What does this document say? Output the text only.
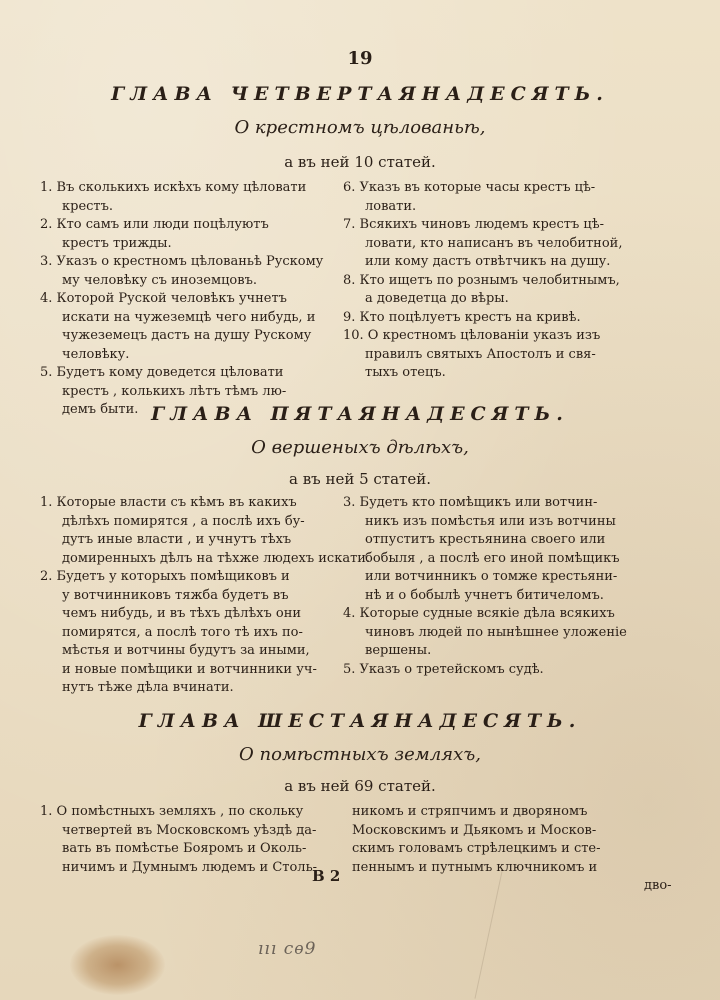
19
ГЛАВА ЧЕТВЕРТАЯНАДЕСЯТЬ.
О крестномъ цѣлованьѣ,
а въ ней 10 статей.
1. Въ сколькихъ искѣхъ кому цѣловати
крестъ.
2. Кто самъ или люди поцѣлуютъ
крестъ трижды.
3. Указъ о крестномъ цѣлованьѣ Рускому
му человѣку съ иноземцовъ.
4. Которой Руской человѣкъ учнетъ
искати на чужеземцѣ чего нибудь, и
чужеземецъ дастъ на душу Рускому
человѣку.
5. Будетъ кому доведется цѣловати
крестъ , колькихъ лѣтъ тѣмъ лю-
демъ быти.
6. Указъ въ которые часы крестъ цѣ-
ловати.
7. Всякихъ чиновъ людемъ крестъ цѣ-
ловати, кто написанъ въ челобитной,
или кому дастъ отвѣтчикъ на душу.
8. Кто ищетъ по рознымъ челобитнымъ,
а доведетца до вѣры.
9. Кто поцѣлуетъ крестъ на кривѣ.
10. О крестномъ цѣлованіи указъ изъ
правилъ святыхъ Апостолъ и свя-
тыхъ отецъ.
ГЛАВА ПЯТАЯНАДЕСЯТЬ.
О вершеныхъ дѣлѣхъ,
а въ ней 5 статей.
1. Которые власти съ кѣмъ въ какихъ
дѣлѣхъ помирятся , а послѣ ихъ бу-
дутъ иные власти , и учнутъ тѣхъ
домиренныхъ дѣлъ на тѣхже людехъ искати.
2. Будетъ у которыхъ помѣщиковъ и
у вотчинниковъ тяжба будетъ въ
чемъ нибудь, и въ тѣхъ дѣлѣхъ они
помирятся, а послѣ того тѣ ихъ по-
мѣстья и вотчины будутъ за иными,
и новые помѣщики и вотчинники уч-
нутъ тѣже дѣла вчинати.
3. Будетъ кто помѣщикъ или вотчин-
никъ изъ помѣстья или изъ вотчины
отпуститъ крестьянина своего или
бобыля , а послѣ его иной помѣщикъ
или вотчинникъ о томже крестьяни-
нѣ и о бобылѣ учнетъ битичеломъ.
4. Которые судные всякіе дѣла всякихъ
чиновъ людей по нынѣшнее уложеніе
вершены.
5. Указъ о третейскомъ судѣ.
ГЛАВА ШЕСТАЯНАДЕСЯТЬ.
О помѣстныхъ земляхъ,
а въ ней 69 статей.
1. О помѣстныхъ земляхъ , по скольку
четвертей въ Московскомъ уѣздѣ да-
вать въ помѣстье Бояромъ и Околь-
ничимъ и Думнымъ людемъ и Столь-
никомъ и стряпчимъ и дворяномъ
Московскимъ и Дьякомъ и Москов-
скимъ головамъ стрѣлецкимъ и сте-
пеннымъ и путнымъ ключникомъ и
дво-
В 2
ııı сѳ9
